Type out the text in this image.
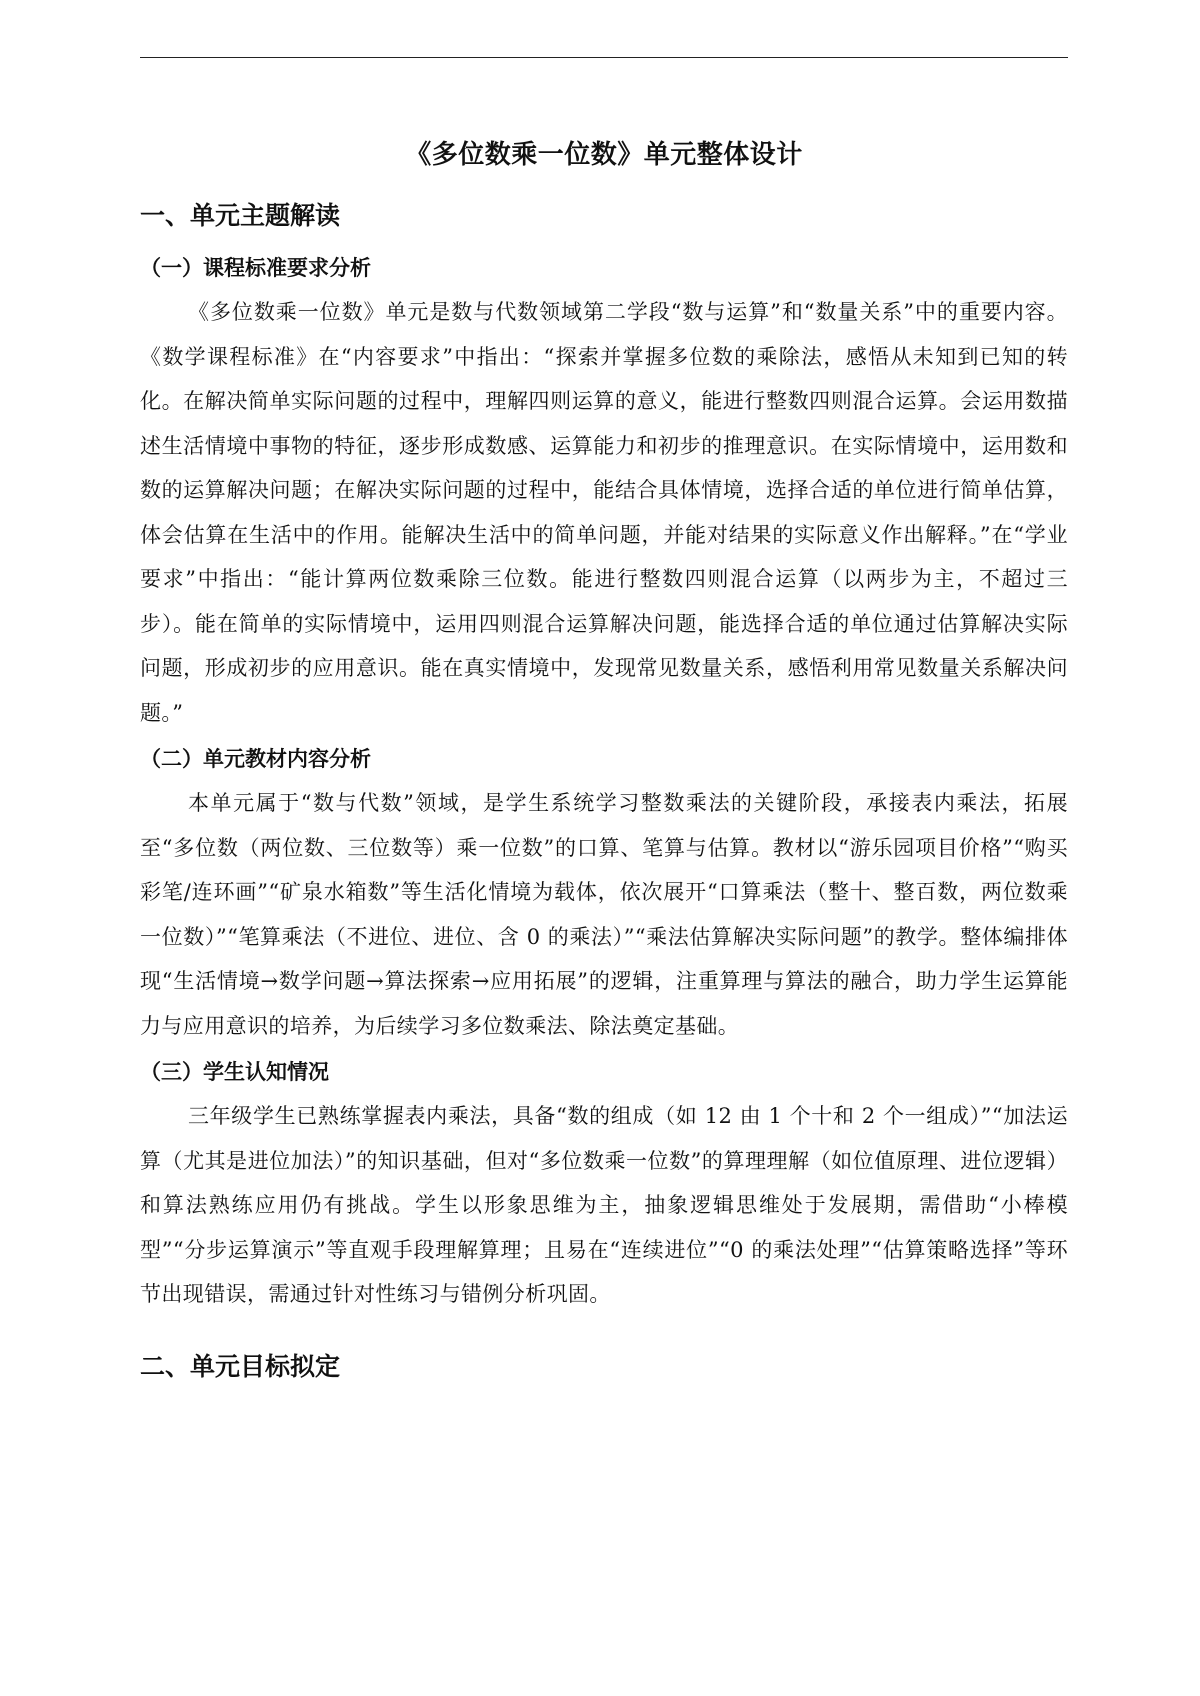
《多位数乘一位数》单元整体设计
一、单元主题解读
（一）课程标准要求分析

《多位数乘一位数》单元是数与代数领域第二学段“数与运算”和“数量关系”中的重要内容。《数学课程标准》在“内容要求”中指出：“探索并掌握多位数的乘除法，感悟从未知到已知的转化。在解决简单实际问题的过程中，理解四则运算的意义，能进行整数四则混合运算。会运用数描述生活情境中事物的特征，逐步形成数感、运算能力和初步的推理意识。在实际情境中，运用数和数的运算解决问题；在解决实际问题的过程中，能结合具体情境，选择合适的单位进行简单估算，体会估算在生活中的作用。能解决生活中的简单问题，并能对结果的实际意义作出解释。”在“学业要求”中指出：“能计算两位数乘除三位数。能进行整数四则混合运算（以两步为主，不超过三步）。能在简单的实际情境中，运用四则混合运算解决问题，能选择合适的单位通过估算解决实际问题，形成初步的应用意识。能在真实情境中，发现常见数量关系，感悟利用常见数量关系解决问题。”

（二）单元教材内容分析

本单元属于“数与代数”领域，是学生系统学习整数乘法的关键阶段，承接表内乘法，拓展至“多位数（两位数、三位数等）乘一位数”的口算、笔算与估算。教材以“游乐园项目价格”“购买彩笔/连环画”“矿泉水箱数”等生活化情境为载体，依次展开“口算乘法（整十、整百数，两位数乘一位数）”“笔算乘法（不进位、进位、含 0 的乘法）”“乘法估算解决实际问题”的教学。整体编排体现“生活情境→数学问题→算法探索→应用拓展”的逻辑，注重算理与算法的融合，助力学生运算能力与应用意识的培养，为后续学习多位数乘法、除法奠定基础。

（三）学生认知情况

三年级学生已熟练掌握表内乘法，具备“数的组成（如 12 由 1 个十和 2 个一组成）”“加法运算（尤其是进位加法）”的知识基础，但对“多位数乘一位数”的算理理解（如位值原理、进位逻辑）和算法熟练应用仍有挑战。学生以形象思维为主，抽象逻辑思维处于发展期，需借助“小棒模型”“分步运算演示”等直观手段理解算理；且易在“连续进位”“0 的乘法处理”“估算策略选择”等环节出现错误，需通过针对性练习与错例分析巩固。

二、单元目标拟定
